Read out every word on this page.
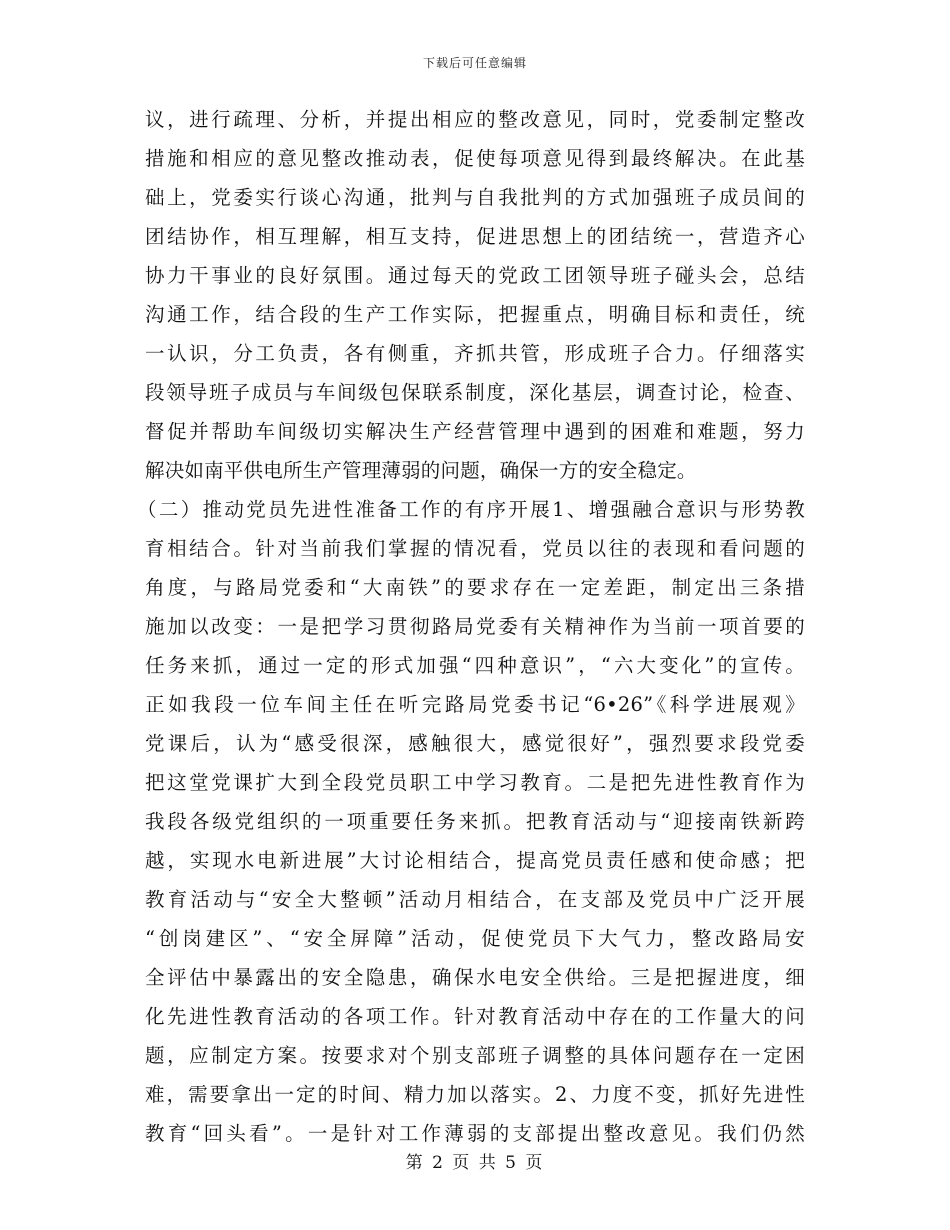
下载后可任意编辑
议，进行疏理、分析，并提出相应的整改意见，同时，党委制定整改
措施和相应的意见整改推动表，促使每项意见得到最终解决。在此基
础上，党委实行谈心沟通，批判与自我批判的方式加强班子成员间的
团结协作，相互理解，相互支持，促进思想上的团结统一，营造齐心
协力干事业的良好氛围。通过每天的党政工团领导班子碰头会，总结
沟通工作，结合段的生产工作实际，把握重点，明确目标和责任，统
一认识，分工负责，各有侧重，齐抓共管，形成班子合力。仔细落实
段领导班子成员与车间级包保联系制度，深化基层，调查讨论，检查、
督促并帮助车间级切实解决生产经营管理中遇到的困难和难题，努力
解决如南平供电所生产管理薄弱的问题，确保一方的安全稳定。
（二）推动党员先进性准备工作的有序开展1、增强融合意识与形势教
育相结合。针对当前我们掌握的情况看，党员以往的表现和看问题的
角度，与路局党委和“大南铁”的要求存在一定差距，制定出三条措
施加以改变：一是把学习贯彻路局党委有关精神作为当前一项首要的
任务来抓，通过一定的形式加强“四种意识”，“六大变化”的宣传。
正如我段一位车间主任在听完路局党委书记“6•26”《科学进展观》
党课后，认为“感受很深，感触很大，感觉很好”，强烈要求段党委
把这堂党课扩大到全段党员职工中学习教育。二是把先进性教育作为
我段各级党组织的一项重要任务来抓。把教育活动与“迎接南铁新跨
越，实现水电新进展”大讨论相结合，提高党员责任感和使命感；把
教育活动与“安全大整顿”活动月相结合，在支部及党员中广泛开展
“创岗建区”、“安全屏障”活动，促使党员下大气力，整改路局安
全评估中暴露出的安全隐患，确保水电安全供给。三是把握进度，细
化先进性教育活动的各项工作。针对教育活动中存在的工作量大的问
题，应制定方案。按要求对个别支部班子调整的具体问题存在一定困
难，需要拿出一定的时间、精力加以落实。2、力度不变，抓好先进性
教育“回头看”。一是针对工作薄弱的支部提出整改意见。我们仍然
第 2 页 共 5 页
